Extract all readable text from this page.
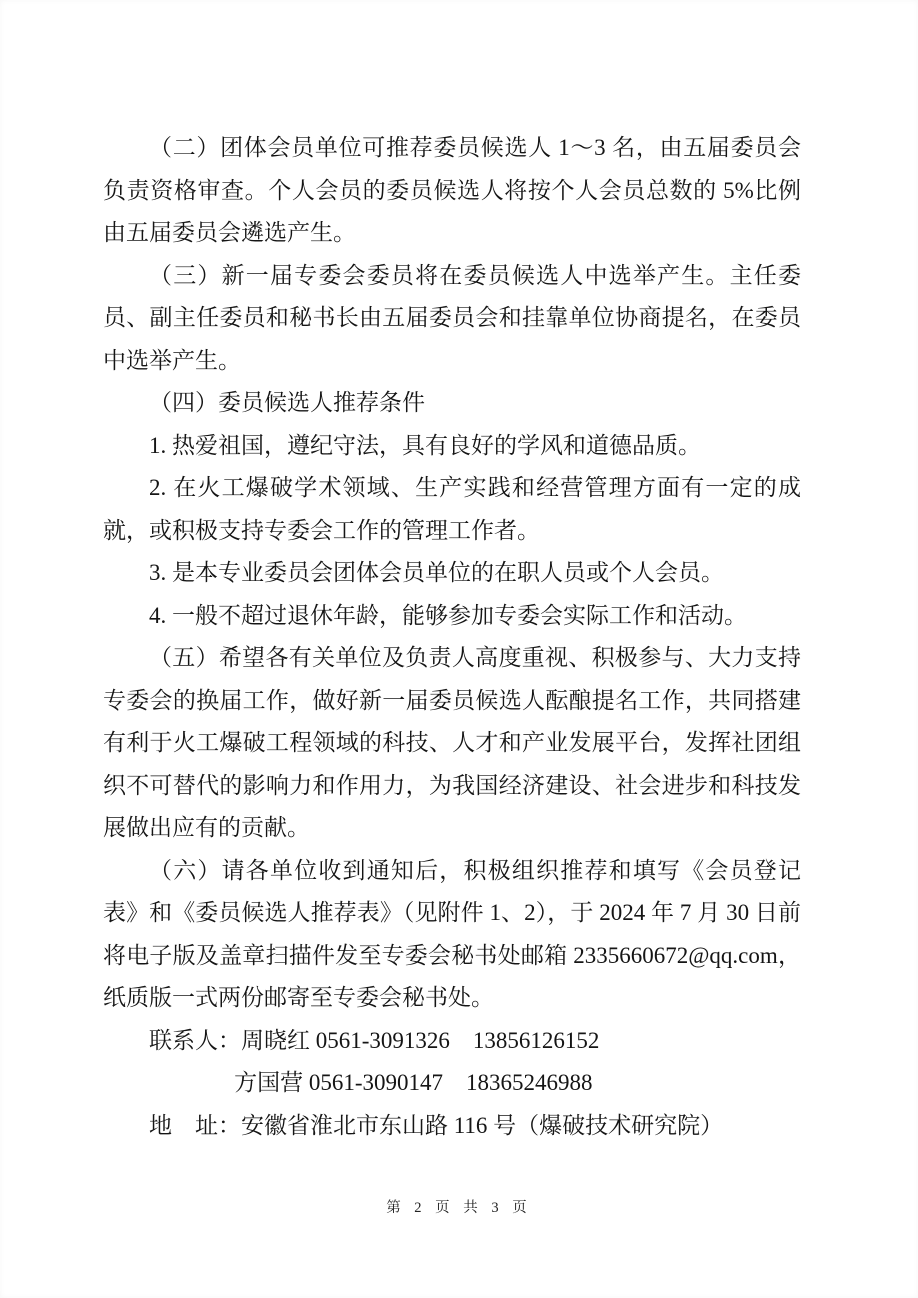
（二）团体会员单位可推荐委员候选人 1～3 名，由五届委员会负责资格审查。个人会员的委员候选人将按个人会员总数的 5%比例由五届委员会遴选产生。

（三）新一届专委会委员将在委员候选人中选举产生。主任委员、副主任委员和秘书长由五届委员会和挂靠单位协商提名，在委员中选举产生。

（四）委员候选人推荐条件

1. 热爱祖国，遵纪守法，具有良好的学风和道德品质。

2. 在火工爆破学术领域、生产实践和经营管理方面有一定的成就，或积极支持专委会工作的管理工作者。

3. 是本专业委员会团体会员单位的在职人员或个人会员。

4. 一般不超过退休年龄，能够参加专委会实际工作和活动。

（五）希望各有关单位及负责人高度重视、积极参与、大力支持专委会的换届工作，做好新一届委员候选人酝酿提名工作，共同搭建有利于火工爆破工程领域的科技、人才和产业发展平台，发挥社团组织不可替代的影响力和作用力，为我国经济建设、社会进步和科技发展做出应有的贡献。

（六）请各单位收到通知后，积极组织推荐和填写《会员登记表》和《委员候选人推荐表》（见附件 1、2），于 2024 年 7 月 30 日前将电子版及盖章扫描件发至专委会秘书处邮箱 2335660672@qq.com，纸质版一式两份邮寄至专委会秘书处。

联系人：周晓红 0561-3091326　13856126152

方国营 0561-3090147　18365246988

地　址：安徽省淮北市东山路 116 号（爆破技术研究院）

第 2 页 共 3 页
